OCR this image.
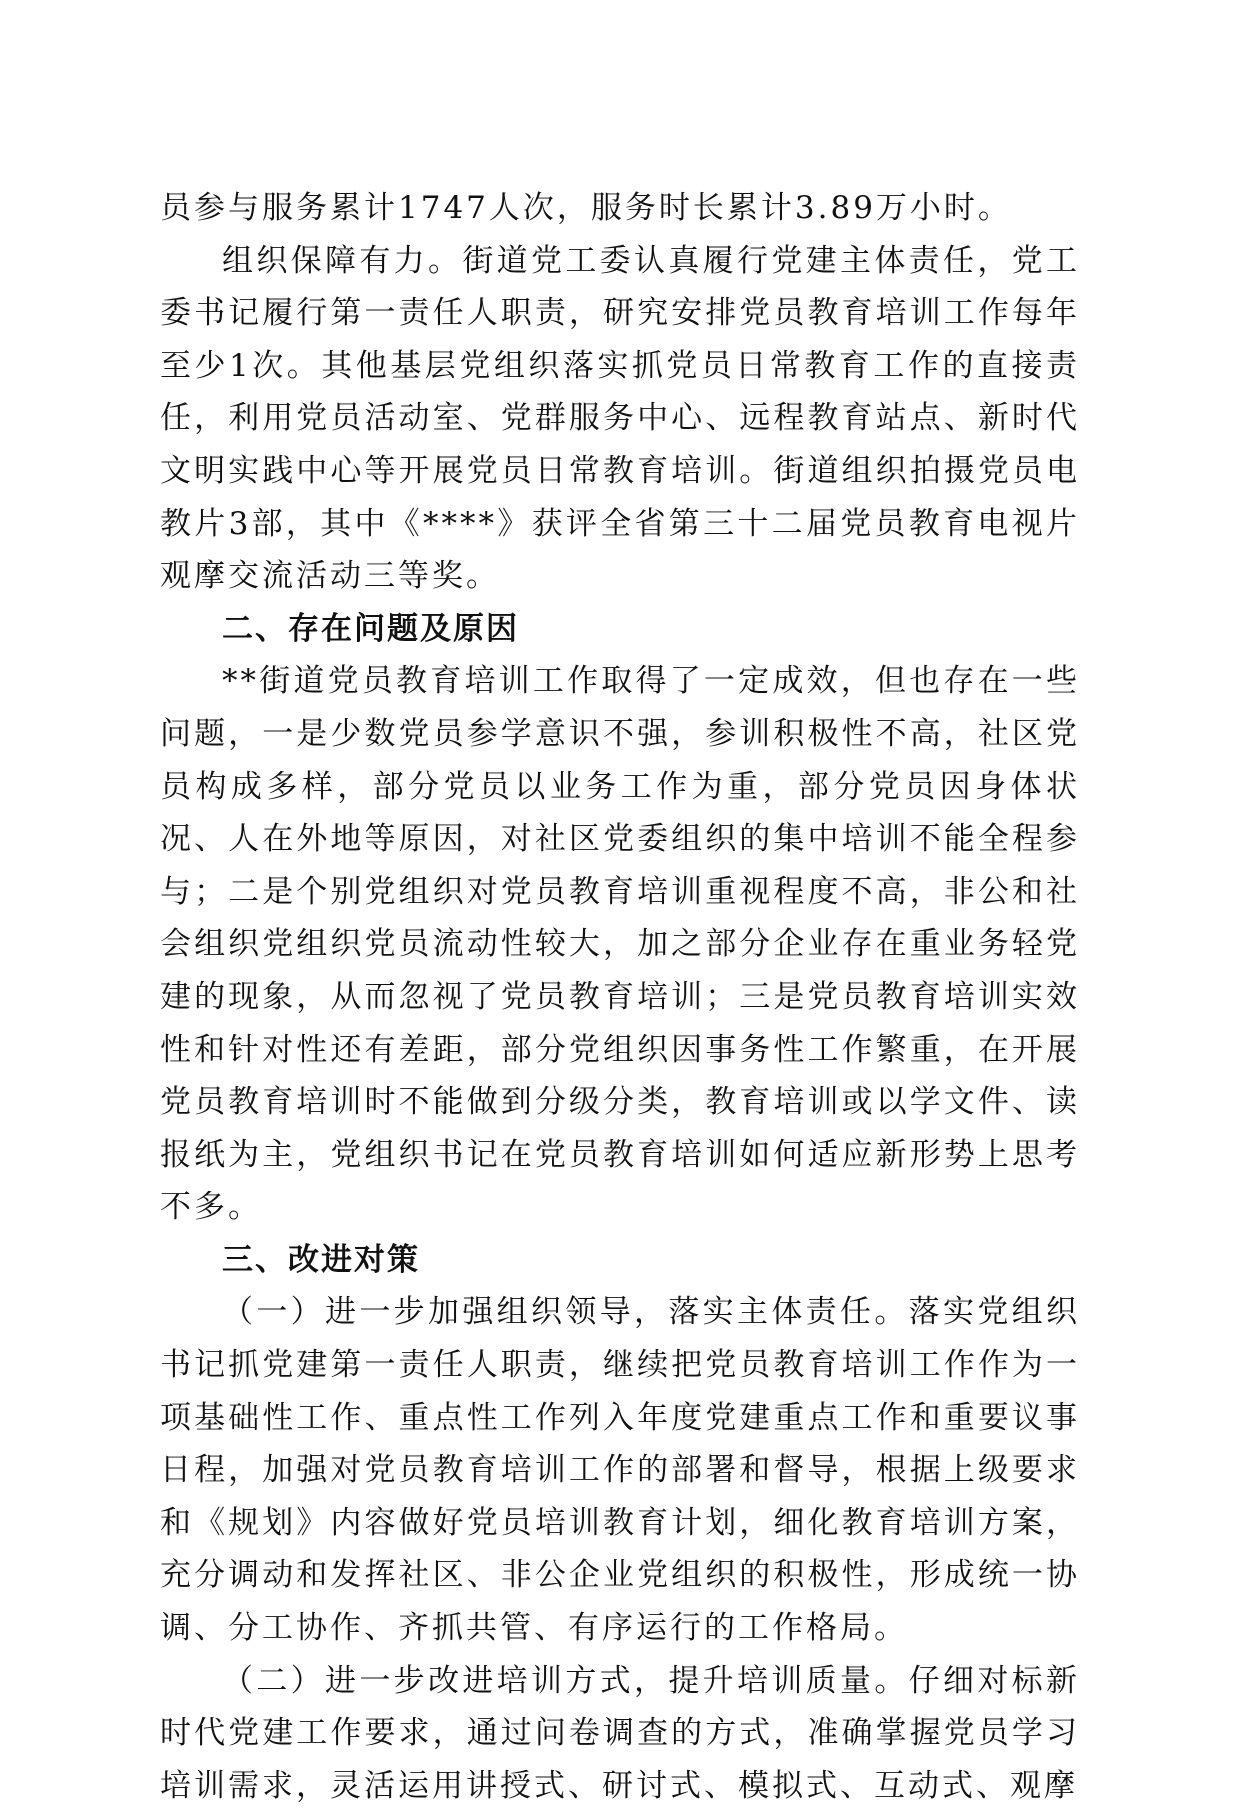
员参与服务累计1747人次，服务时长累计3.89万小时。

组织保障有力。街道党工委认真履行党建主体责任，党工委书记履行第一责任人职责，研究安排党员教育培训工作每年至少1次。其他基层党组织落实抓党员日常教育工作的直接责任，利用党员活动室、党群服务中心、远程教育站点、新时代文明实践中心等开展党员日常教育培训。街道组织拍摄党员电教片3部，其中《****》获评全省第三十二届党员教育电视片观摩交流活动三等奖。

二、存在问题及原因

**街道党员教育培训工作取得了一定成效，但也存在一些问题，一是少数党员参学意识不强，参训积极性不高，社区党员构成多样，部分党员以业务工作为重，部分党员因身体状况、人在外地等原因，对社区党委组织的集中培训不能全程参与；二是个别党组织对党员教育培训重视程度不高，非公和社会组织党组织党员流动性较大，加之部分企业存在重业务轻党建的现象，从而忽视了党员教育培训；三是党员教育培训实效性和针对性还有差距，部分党组织因事务性工作繁重，在开展党员教育培训时不能做到分级分类，教育培训或以学文件、读报纸为主，党组织书记在党员教育培训如何适应新形势上思考不多。

三、改进对策

（一）进一步加强组织领导，落实主体责任。落实党组织书记抓党建第一责任人职责，继续把党员教育培训工作作为一项基础性工作、重点性工作列入年度党建重点工作和重要议事日程，加强对党员教育培训工作的部署和督导，根据上级要求和《规划》内容做好党员培训教育计划，细化教育培训方案，充分调动和发挥社区、非公企业党组织的积极性，形成统一协调、分工协作、齐抓共管、有序运行的工作格局。

（二）进一步改进培训方式，提升培训质量。仔细对标新时代党建工作要求，通过问卷调查的方式，准确掌握党员学习培训需求，灵活运用讲授式、研讨式、模拟式、互动式、观摩
